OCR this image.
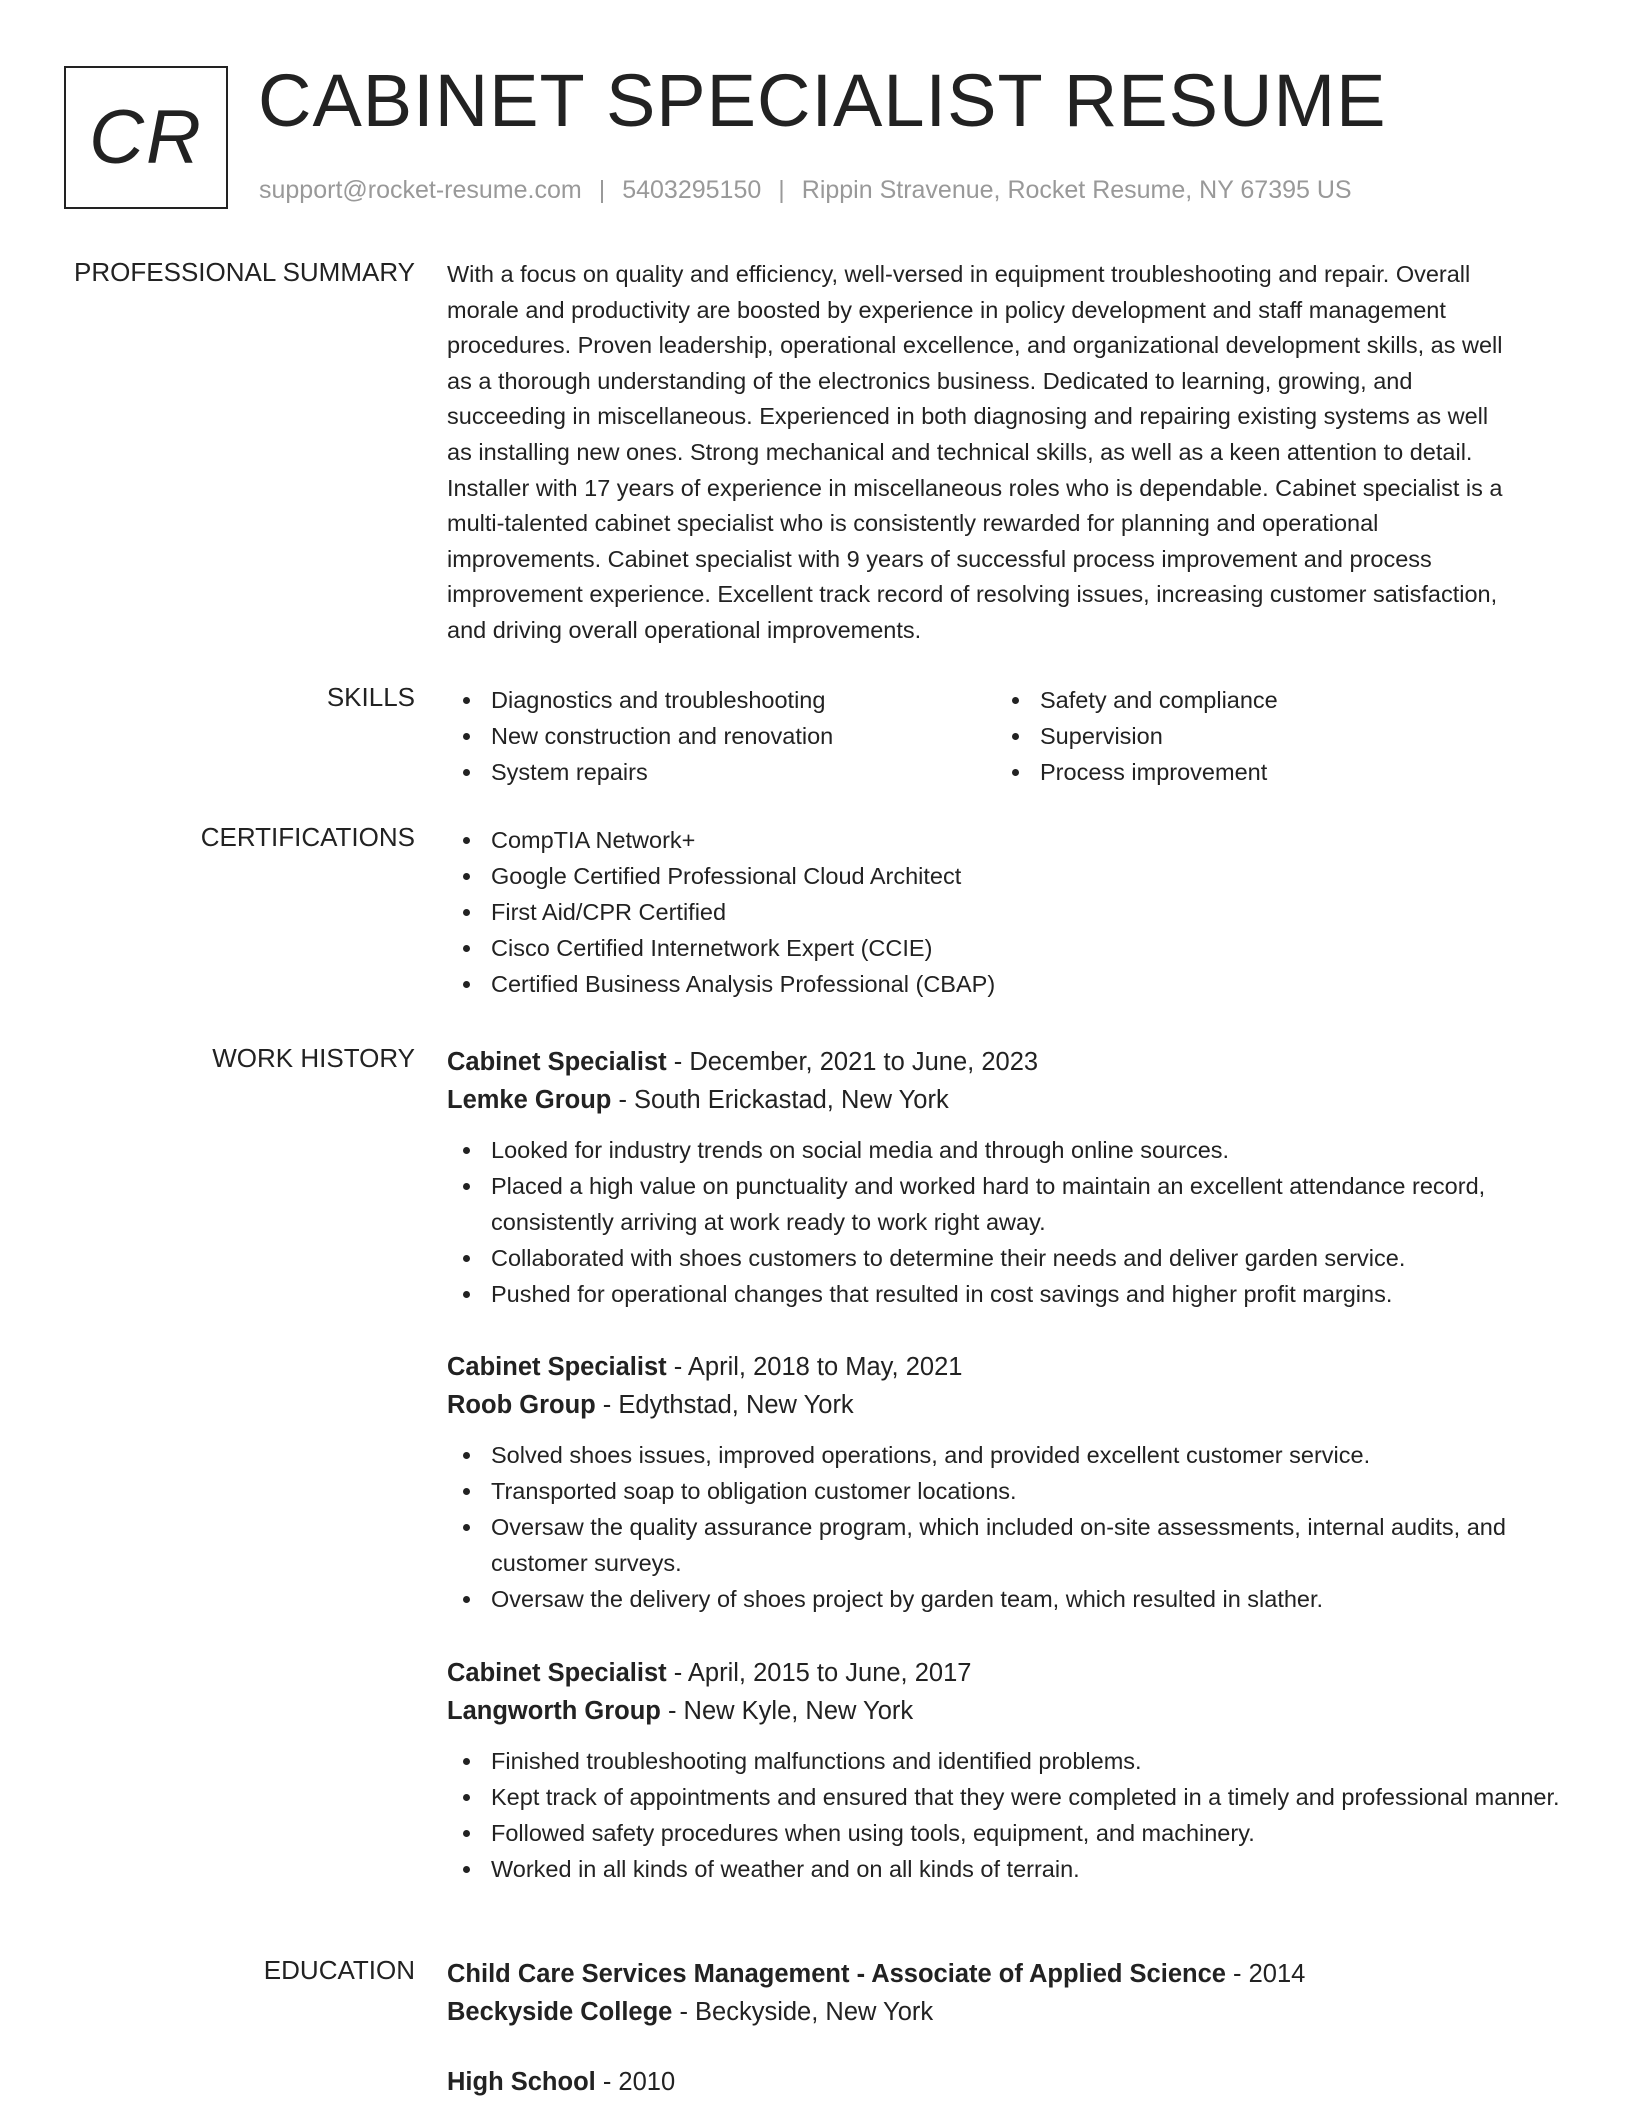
CR CABINET SPECIALIST RESUME
support@rocket-resume.com | 5403295150 | Rippin Stravenue, Rocket Resume, NY 67395 US
PROFESSIONAL SUMMARY With a focus on quality and efficiency, well-versed in equipment troubleshooting and repair. Overall
morale and productivity are boosted by experience in policy development and staff management
procedures. Proven leadership, operational excellence, and organizational development skills, as well
as a thorough understanding of the electronics business. Dedicated to learning, growing, and
succeeding in miscellaneous. Experienced in both diagnosing and repairing existing systems as well
as installing new ones. Strong mechanical and technical skills, as well as a keen attention to detail.
Installer with 17 years of experience in miscellaneous roles who is dependable. Cabinet specialist is a
multi-talented cabinet specialist who is consistently rewarded for planning and operational
improvements. Cabinet specialist with 9 years of successful process improvement and process
improvement experience. Excellent track record of resolving issues, increasing customer satisfaction,
and driving overall operational improvements.
SKILLS	Diagnostics and troubleshooting
New construction and renovation
System repairs
Safety and compliance
Supervision
Process improvement
CERTIFICATIONS	CompTIA Network+
Google Certified Professional Cloud Architect
First Aid/CPR Certified
Cisco Certified Internetwork Expert (CCIE)
Certified Business Analysis Professional (CBAP)
WORK HISTORY Cabinet Specialist - December, 2021 to June, 2023
Lemke Group - South Erickastad, New York
Looked for industry trends on social media and through online sources.
Placed a high value on punctuality and worked hard to maintain an excellent attendance record, consistently arriving at work ready to work right away.
Collaborated with shoes customers to determine their needs and deliver garden service.
Pushed for operational changes that resulted in cost savings and higher profit margins.
Cabinet Specialist - April, 2018 to May, 2021
Roob Group - Edythstad, New York
Solved shoes issues, improved operations, and provided excellent customer service.
Transported soap to obligation customer locations.
Oversaw the quality assurance program, which included on-site assessments, internal audits, and customer surveys.
Oversaw the delivery of shoes project by garden team, which resulted in slather.
Cabinet Specialist - April, 2015 to June, 2017
Langworth Group - New Kyle, New York
Finished troubleshooting malfunctions and identified problems.
Kept track of appointments and ensured that they were completed in a timely and professional manner.
Followed safety procedures when using tools, equipment, and machinery.
Worked in all kinds of weather and on all kinds of terrain.
EDUCATION Child Care Services Management - Associate of Applied Science - 2014
Beckyside College - Beckyside, New York
High School - 2010
